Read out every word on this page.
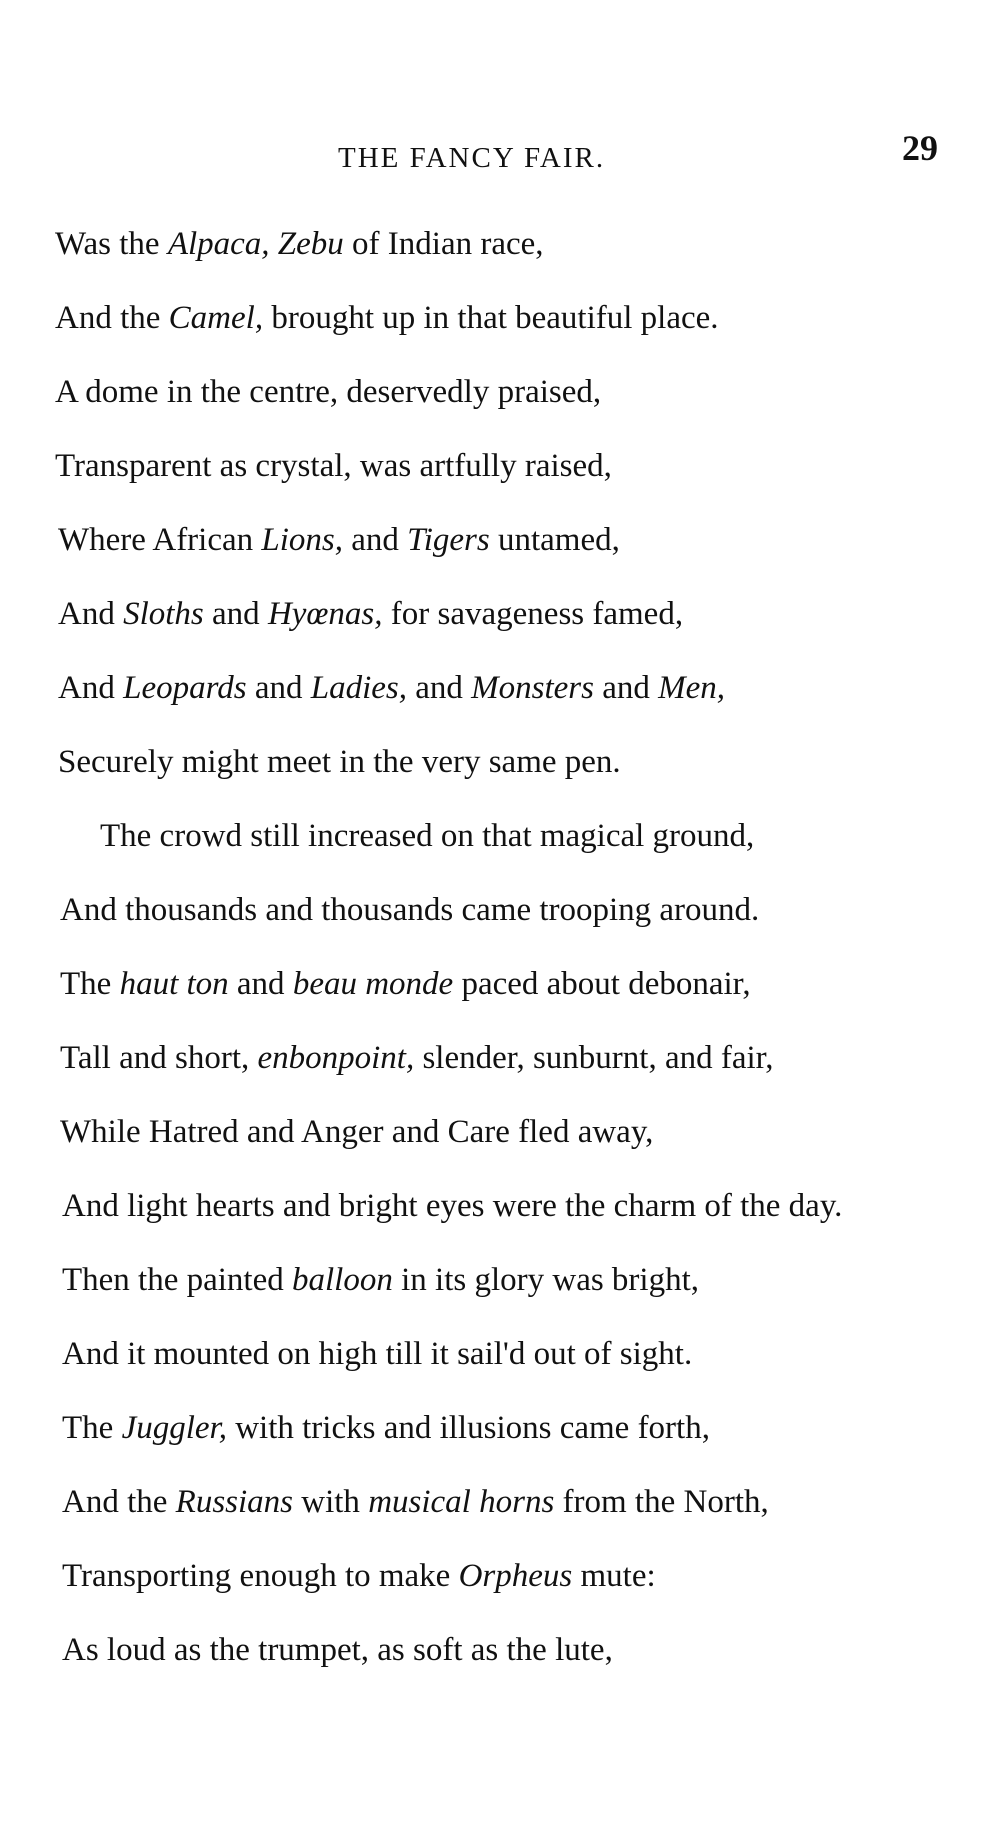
THE FANCY FAIR.	29
Was the Alpaca, Zebu of Indian race,
And the Camel, brought up in that beautiful place.
A dome in the centre, deservedly praised,
Transparent as crystal, was artfully raised,
Where African Lions, and Tigers untamed,
And Sloths and Hyœnas, for savageness famed,
And Leopards and Ladies, and Monsters and Men,
Securely might meet in the very same pen.
The crowd still increased on that magical ground,
And thousands and thousands came trooping around.
The haut ton and beau monde paced about debonair,
Tall and short, enbonpoint, slender, sunburnt, and fair,
While Hatred and Anger and Care fled away,
And light hearts and bright eyes were the charm of the day.
Then the painted balloon in its glory was bright,
And it mounted on high till it sail'd out of sight.
The Juggler, with tricks and illusions came forth,
And the Russians with musical horns from the North,
Transporting enough to make Orpheus mute:
As loud as the trumpet, as soft as the lute,
